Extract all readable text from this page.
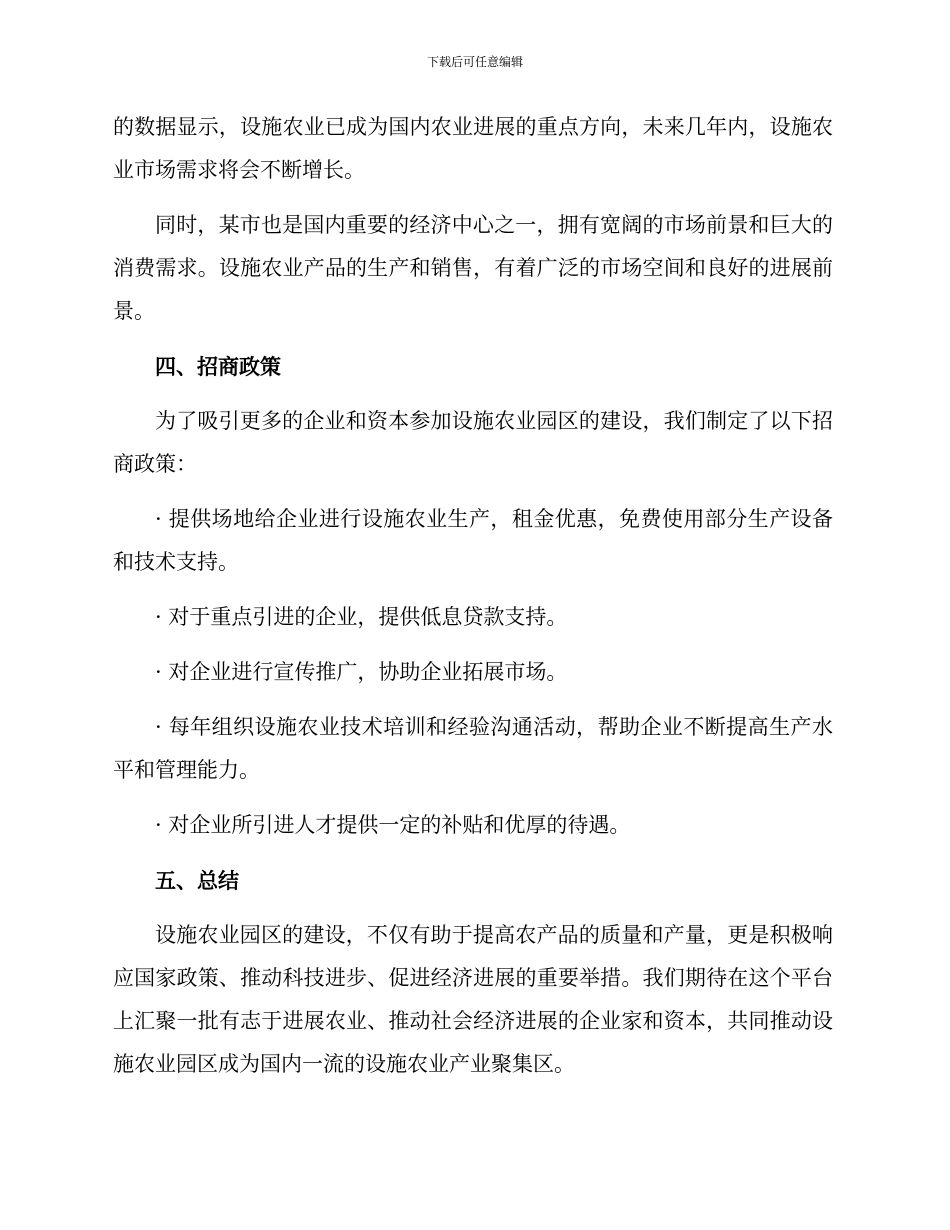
下载后可任意编辑

的数据显示，设施农业已成为国内农业进展的重点方向，未来几年内，设施农业市场需求将会不断增长。

同时，某市也是国内重要的经济中心之一，拥有宽阔的市场前景和巨大的消费需求。设施农业产品的生产和销售，有着广泛的市场空间和良好的进展前景。

四、招商政策

为了吸引更多的企业和资本参加设施农业园区的建设，我们制定了以下招商政策：

· 提供场地给企业进行设施农业生产，租金优惠，免费使用部分生产设备和技术支持。

· 对于重点引进的企业，提供低息贷款支持。

· 对企业进行宣传推广，协助企业拓展市场。

· 每年组织设施农业技术培训和经验沟通活动，帮助企业不断提高生产水平和管理能力。

· 对企业所引进人才提供一定的补贴和优厚的待遇。

五、总结

设施农业园区的建设，不仅有助于提高农产品的质量和产量，更是积极响应国家政策、推动科技进步、促进经济进展的重要举措。我们期待在这个平台上汇聚一批有志于进展农业、推动社会经济进展的企业家和资本，共同推动设施农业园区成为国内一流的设施农业产业聚集区。
